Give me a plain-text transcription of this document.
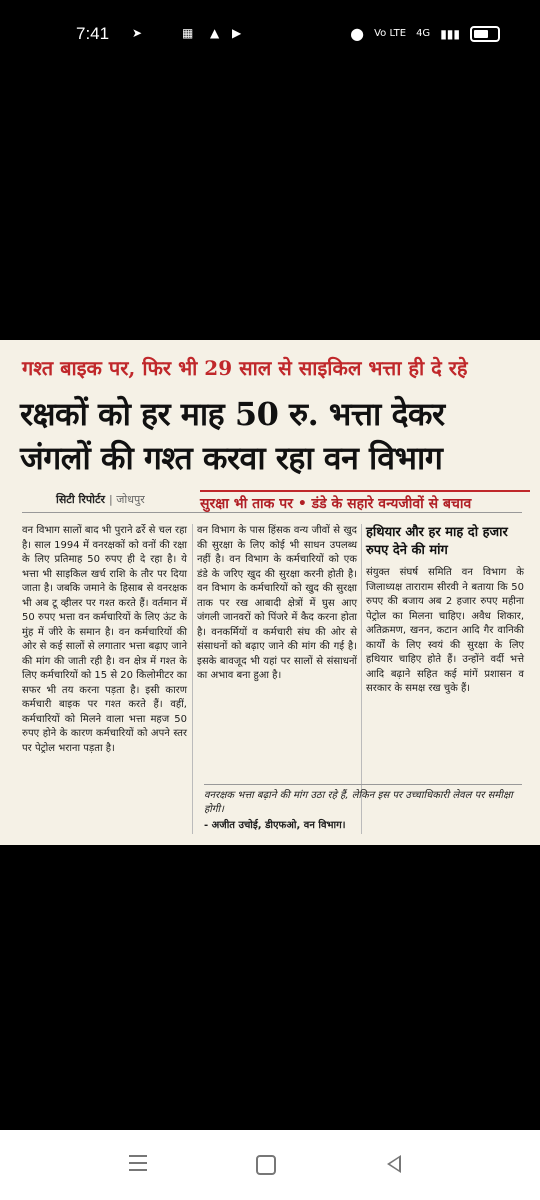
7:41 ➤	▦ ▲ ▶	● Vo LTE 4G ▮▮▮
गश्त बाइक पर, फिर भी 29 साल से साइकिल भत्ता ही दे रहे
रक्षकों को हर माह 50 रु. भत्ता देकर
जंगलों की गश्त करवा रहा वन विभाग
सिटी रिपोर्टर | जोधपुर	सुरक्षा भी ताक पर • डंडे के सहारे वन्यजीवों से बचाव
वन विभाग सालों बाद भी पुराने ढर्रे से चल रहा है। साल 1994 में वनरक्षकों को वनों की रक्षा के लिए प्रतिमाह 50 रुपए ही दे रहा है। ये भत्ता भी साइकिल खर्च राशि के तौर पर दिया जाता है। जबकि जमाने के हिसाब से वनरक्षक भी अब टू व्हीलर पर गश्त करते हैं। वर्तमान में 50 रुपए भत्ता वन कर्मचारियों के लिए ऊंट के मुंह में जीरे के समान है। वन कर्मचारियों की ओर से कई सालों से लगातार भत्ता बढ़ाए जाने की मांग की जाती रही है। वन क्षेत्र में गश्त के लिए कर्मचारियों को 15 से 20 किलोमीटर का सफर भी तय करना पड़ता है। इसी कारण कर्मचारी बाइक पर गश्त करते हैं। वहीं, कर्मचारियों को मिलने वाला भत्ता महज 50 रुपए होने के कारण कर्मचारियों को अपने स्तर पर पेट्रोल भराना पड़ता है।
वन विभाग के पास हिंसक वन्य जीवों से खुद की सुरक्षा के लिए कोई भी साधन उपलब्ध नहीं है। वन विभाग के कर्मचारियों को एक डंडे के जरिए खुद की सुरक्षा करनी होती है। वन विभाग के कर्मचारियों को खुद की सुरक्षा ताक पर रख आबादी क्षेत्रों में घुस आए जंगली जानवरों को पिंजरे में कैद करना होता है। वनकर्मियों व कर्मचारी संघ की ओर से संसाधनों को बढ़ाए जाने की मांग की गई है। इसके बावजूद भी यहां पर सालों से संसाधनों का अभाव बना हुआ है।
हथियार और हर माह दो हजार रुपए देने की मांग
संयुक्त संघर्ष समिति वन विभाग के जिलाध्यक्ष ताराराम सीरवी ने बताया कि 50 रुपए की बजाय अब 2 हजार रुपए महीना पेट्रोल का मिलना चाहिए। अवैध शिकार, अतिक्रमण, खनन, कटान आदि गैर वानिकी कार्यों के लिए स्वयं की सुरक्षा के लिए हथियार चाहिए होते हैं। उन्होंने वर्दी भत्ते आदि बढ़ाने सहित कई मांगें प्रशासन व सरकार के समक्ष रख चुके हैं।
वनरक्षक भत्ता बढ़ाने की मांग उठा रहे हैं, लेकिन इस पर उच्चाधिकारी लेवल पर समीक्षा होगी।
- अजीत उचोई, डीएफओ, वन विभाग।
